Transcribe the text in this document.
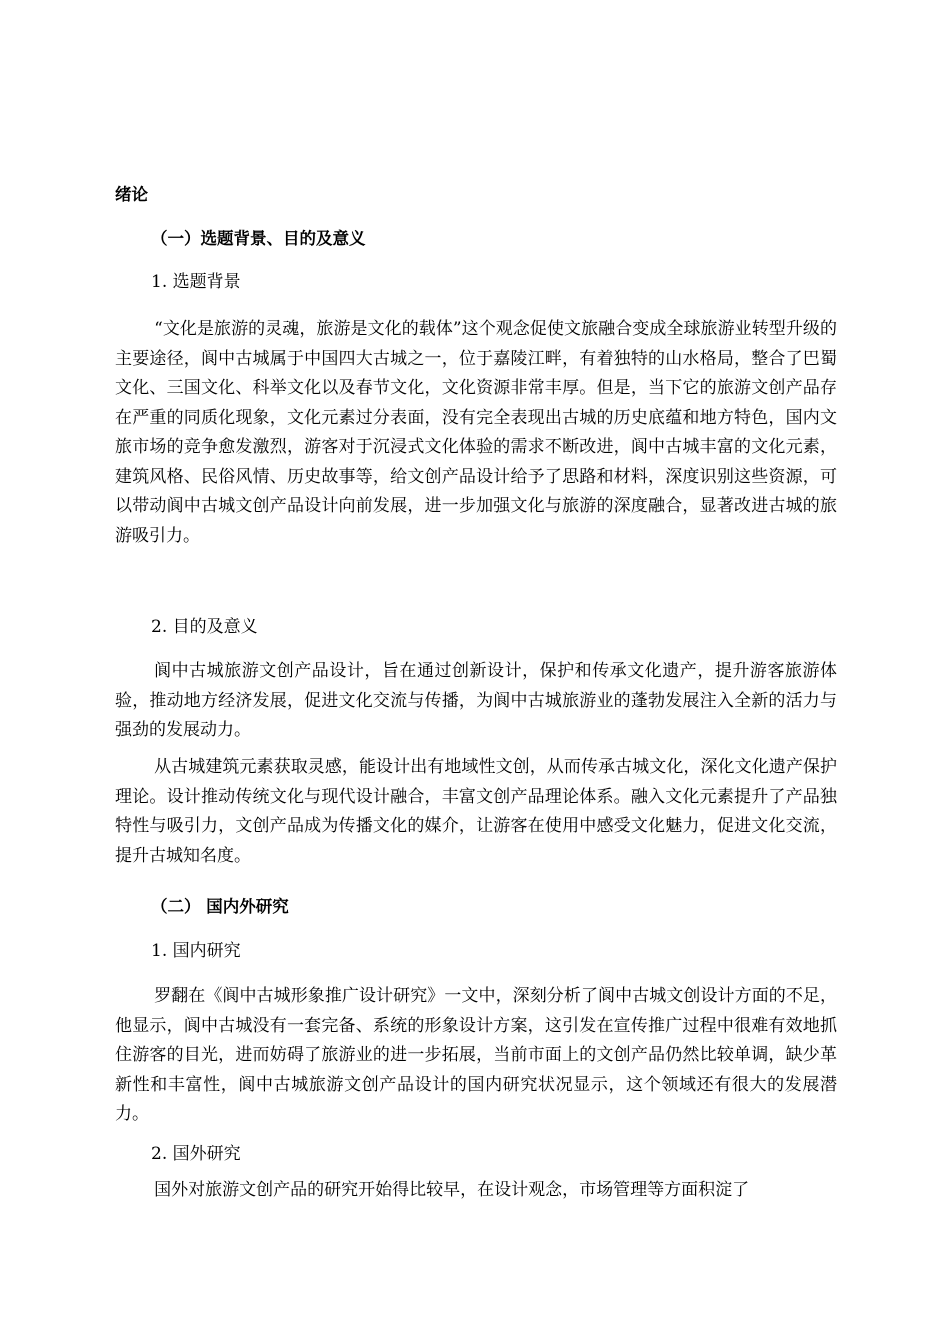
绪论
（一）选题背景、目的及意义
1. 选题背景
“文化是旅游的灵魂，旅游是文化的载体”这个观念促使文旅融合变成全球旅游业转型升级的主要途径，阆中古城属于中国四大古城之一，位于嘉陵江畔，有着独特的山水格局，整合了巴蜀文化、三国文化、科举文化以及春节文化，文化资源非常丰厚。但是，当下它的旅游文创产品存在严重的同质化现象，文化元素过分表面，没有完全表现出古城的历史底蕴和地方特色，国内文旅市场的竞争愈发激烈，游客对于沉浸式文化体验的需求不断改进，阆中古城丰富的文化元素，建筑风格、民俗风情、历史故事等，给文创产品设计给予了思路和材料，深度识别这些资源，可以带动阆中古城文创产品设计向前发展，进一步加强文化与旅游的深度融合，显著改进古城的旅游吸引力。
2. 目的及意义
阆中古城旅游文创产品设计，旨在通过创新设计，保护和传承文化遗产，提升游客旅游体验，推动地方经济发展，促进文化交流与传播，为阆中古城旅游业的蓬勃发展注入全新的活力与强劲的发展动力。
从古城建筑元素获取灵感，能设计出有地域性文创，从而传承古城文化，深化文化遗产保护理论。设计推动传统文化与现代设计融合，丰富文创产品理论体系。融入文化元素提升了产品独特性与吸引力，文创产品成为传播文化的媒介，让游客在使用中感受文化魅力，促进文化交流，提升古城知名度。
（二） 国内外研究
1. 国内研究
罗翻在《阆中古城形象推广设计研究》一文中，深刻分析了阆中古城文创设计方面的不足，他显示，阆中古城没有一套完备、系统的形象设计方案，这引发在宣传推广过程中很难有效地抓住游客的目光，进而妨碍了旅游业的进一步拓展，当前市面上的文创产品仍然比较单调，缺少革新性和丰富性，阆中古城旅游文创产品设计的国内研究状况显示，这个领域还有很大的发展潜力。
2. 国外研究
国外对旅游文创产品的研究开始得比较早，在设计观念，市场管理等方面积淀了
